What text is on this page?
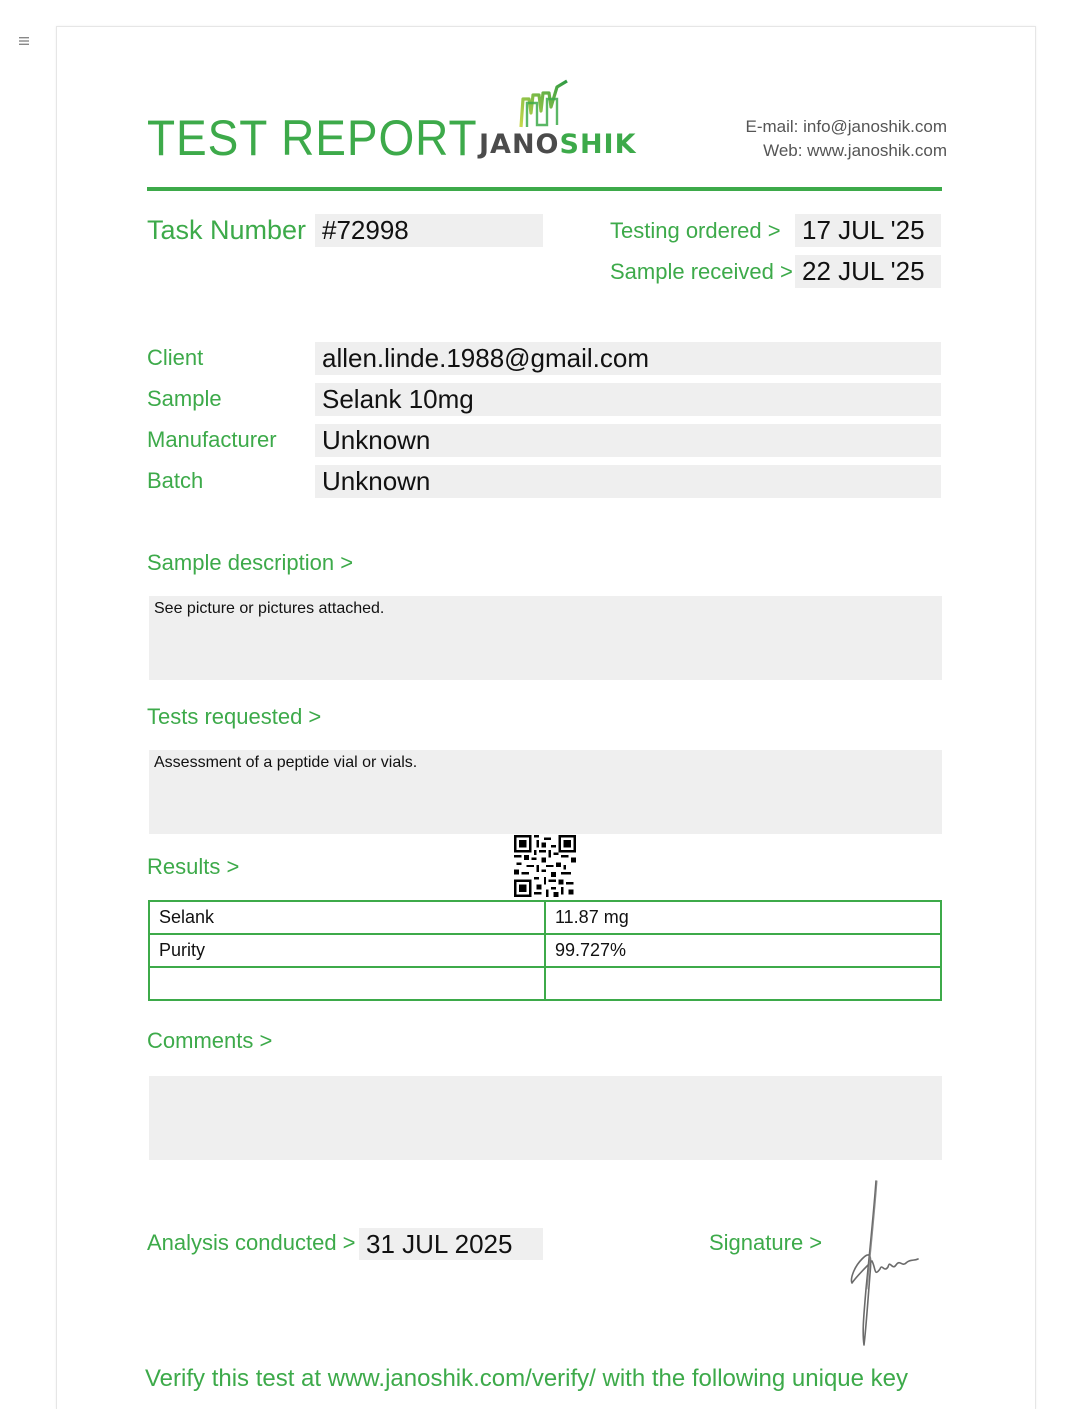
TEST REPORT JANOSHIK
E-mail: info@janoshik.com
Web: www.janoshik.com
Task Number #72998	Testing ordered > 17 JUL '25
Sample received > 22 JUL '25
Client	allen.linde.1988@gmail.com
Sample	Selank 10mg
Manufacturer Unknown
Batch	Unknown
Sample description >
See picture or pictures attached.
Tests requested >
Assessment of a peptide vial or vials.
Results >
Selank	11.87 mg
Purity	99.727%

Comments >
Analysis conducted > 31 JUL 2025	Signature >
Verify this test at www.janoshik.com/verify/ with the following unique key
